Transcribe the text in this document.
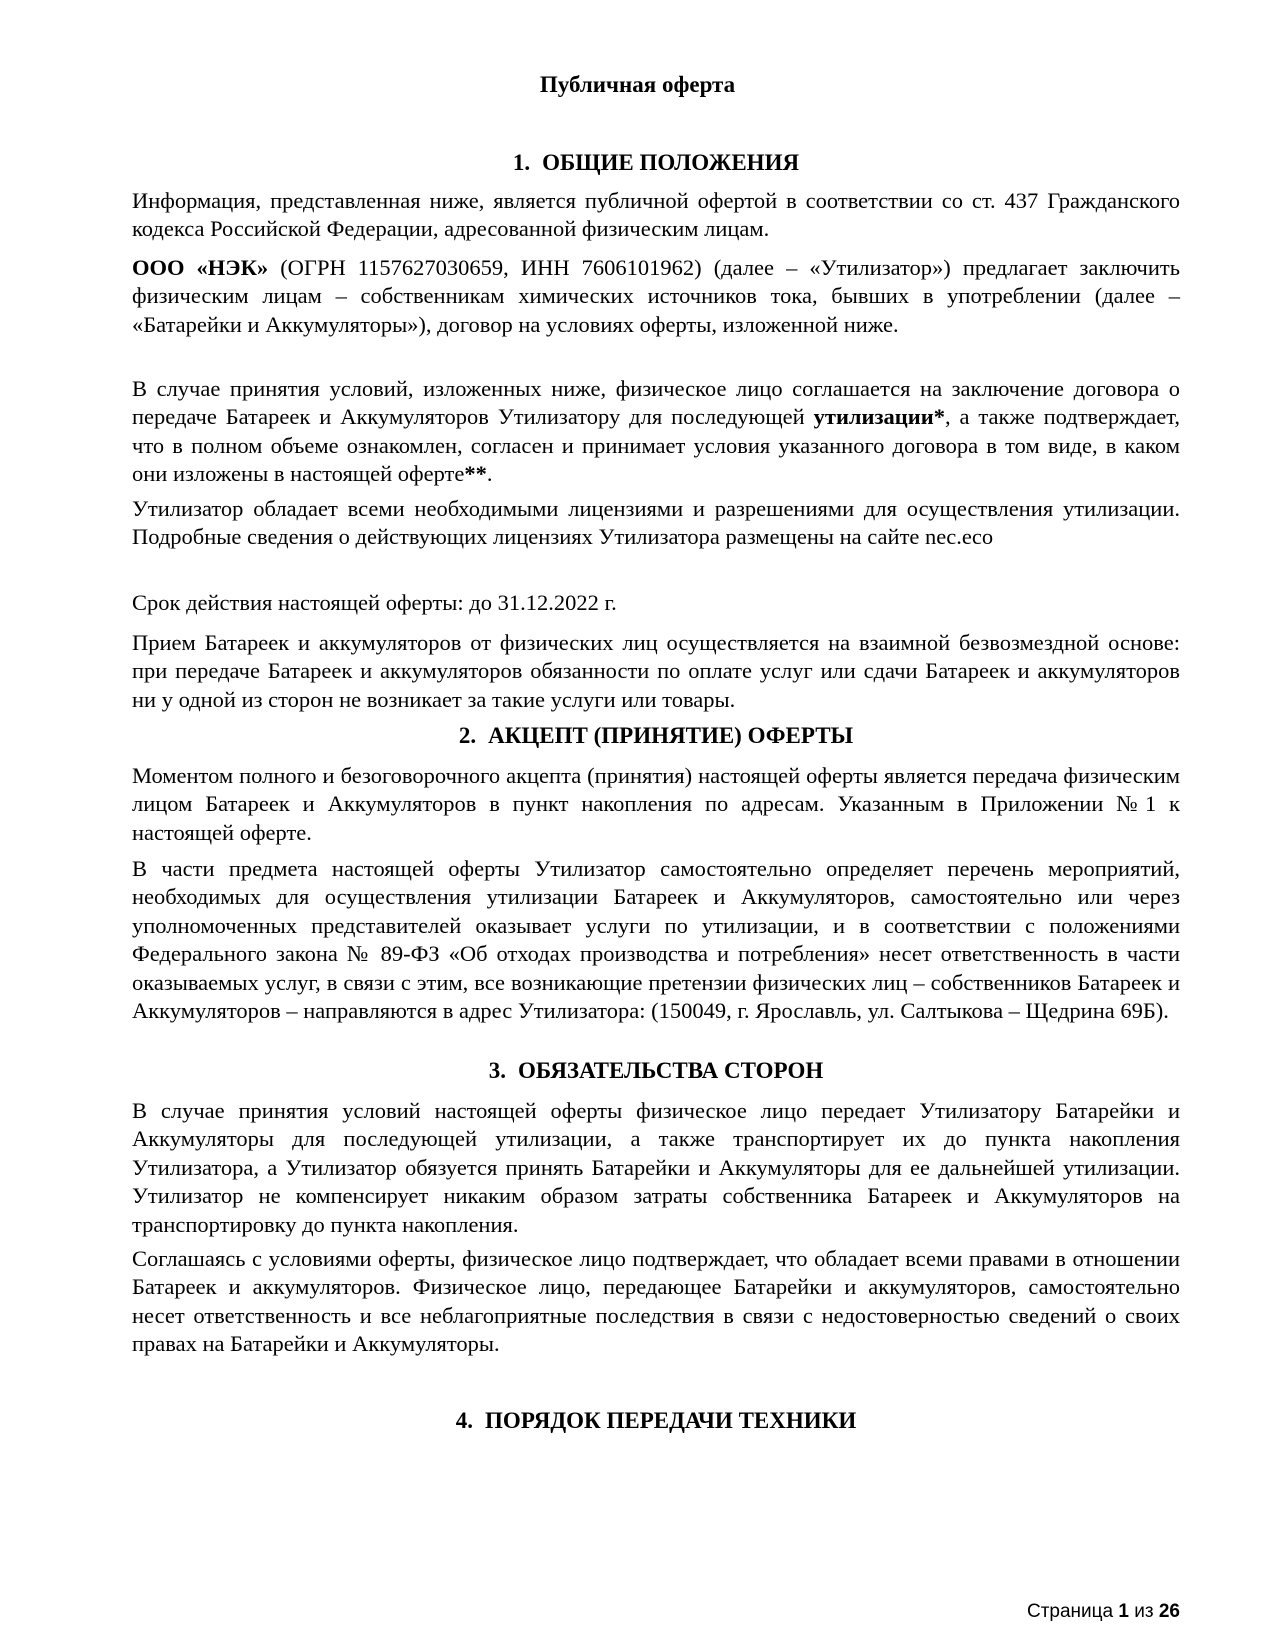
Публичная оферта
1. ОБЩИЕ ПОЛОЖЕНИЯ

Информация, представленная ниже, является публичной офертой в соответствии со ст. 437 Гражданского кодекса Российской Федерации, адресованной физическим лицам.

ООО «НЭК» (ОГРН 1157627030659, ИНН 7606101962) (далее – «Утилизатор») предлагает заключить физическим лицам – собственникам химических источников тока, бывших в употреблении (далее – «Батарейки и Аккумуляторы»), договор на условиях оферты, изложенной ниже.

В случае принятия условий, изложенных ниже, физическое лицо соглашается на заключение договора о передаче Батареек и Аккумуляторов Утилизатору для последующей утилизации*, а также подтверждает, что в полном объеме ознакомлен, согласен и принимает условия указанного договора в том виде, в каком они изложены в настоящей оферте**.

Утилизатор обладает всеми необходимыми лицензиями и разрешениями для осуществления утилизации. Подробные сведения о действующих лицензиях Утилизатора размещены на сайте nec.eco

Срок действия настоящей оферты: до 31.12.2022 г.

Прием Батареек и аккумуляторов от физических лиц осуществляется на взаимной безвозмездной основе: при передаче Батареек и аккумуляторов обязанности по оплате услуг или сдачи Батареек и аккумуляторов ни у одной из сторон не возникает за такие услуги или товары.

2. АКЦЕПТ (ПРИНЯТИЕ) ОФЕРТЫ

Моментом полного и безоговорочного акцепта (принятия) настоящей оферты является передача физическим лицом Батареек и Аккумуляторов в пункт накопления по адресам. Указанным в Приложении №1 к настоящей оферте.

В части предмета настоящей оферты Утилизатор самостоятельно определяет перечень мероприятий, необходимых для осуществления утилизации Батареек и Аккумуляторов, самостоятельно или через уполномоченных представителей оказывает услуги по утилизации, и в соответствии с положениями Федерального закона № 89-ФЗ «Об отходах производства и потребления» несет ответственность в части оказываемых услуг, в связи с этим, все возникающие претензии физических лиц – собственников Батареек и Аккумуляторов – направляются в адрес Утилизатора: (150049, г. Ярославль, ул. Салтыкова – Щедрина 69Б).

3. ОБЯЗАТЕЛЬСТВА СТОРОН

В случае принятия условий настоящей оферты физическое лицо передает Утилизатору Батарейки и Аккумуляторы для последующей утилизации, а также транспортирует их до пункта накопления Утилизатора, а Утилизатор обязуется принять Батарейки и Аккумуляторы для ее дальнейшей утилизации. Утилизатор не компенсирует никаким образом затраты собственника Батареек и Аккумуляторов на транспортировку до пункта накопления.

Соглашаясь с условиями оферты, физическое лицо подтверждает, что обладает всеми правами в отношении Батареек и аккумуляторов. Физическое лицо, передающее Батарейки и аккумуляторов, самостоятельно несет ответственность и все неблагоприятные последствия в связи с недостоверностью сведений о своих правах на Батарейки и Аккумуляторы.

4. ПОРЯДОК ПЕРЕДАЧИ ТЕХНИКИ
Страница 1 из 26
